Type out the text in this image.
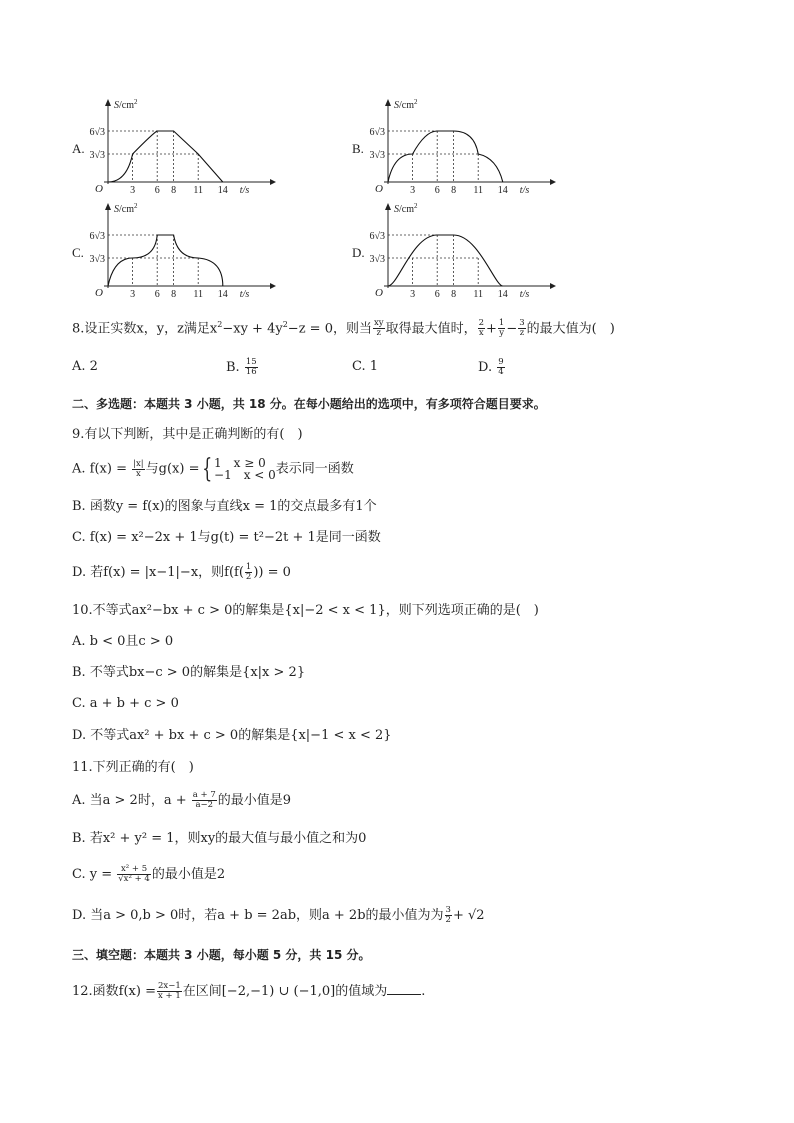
A.
$S/cm^2$
6√3
3√3
O	3 6 8 11 14 t/s
B.
$S/cm^2$
6√3
3√3
O	3 6 8 11 14 t/s
C.
$S/cm^2$
6√3
3√3
O	3 6 8 11 14 t/s
D.
$S/cm^2$
6√3
3√3
O	3 6 8 11 14 t/s
8.设正实数x，y，z满足$x^2-xy + 4y^2-z = 0$，则当 $\frac{xy}{z}$ 取得最大值时， $\frac{2}{x} + \frac{1}{y} - \frac{3}{z}$ 的最大值为(　)
A. 2	B. $\frac{15}{16}$	C. 1	D. $\frac{9}{4}$
二、多选题：本题共 3 小题，共 18 分。在每小题给出的选项中，有多项符合题目要求。
9.有以下判断，其中是正确判断的有(　)
A. $f(x) = \frac{|x|}{x}$ 与g(x) = { 1　x ≥ 0
−1　x < 0 表示同一函数
B. 函数y = f(x)的图象与直线x = 1的交点最多有1个
C. f(x) = x²−2x + 1与g(t) = t²−2t + 1是同一函数
D. 若f(x) = |x−1|−x，则$f(f( \frac{1}{2}$ )) = 0
10.不等式ax²−bx + c > 0的解集是{x|−2 < x < 1}，则下列选项正确的是(　)
A. b < 0且c > 0
B. 不等式bx−c > 0的解集是{x|x > 2}
C. a + b + c > 0
D. 不等式ax² + bx + c > 0的解集是{x|−1 < x < 2}
11.下列正确的有(　)
A. 当a > 2时，$a + \frac{a + 7}{a-2}$ 的最小值是9
B. 若x² + y² = 1，则xy的最大值与最小值之和为0
C. $y = \frac{\text{x² + 5}}{\text{√x² + 4}}$ 的最小值是2
D. 当a > 0,b > 0时，若a + b = 2ab，则a + 2b的最小值为为 $\frac{3}{2} + √2$
三、填空题：本题共 3 小题，每小题 5 分，共 15 分。
12.函数$f(x) = \frac{2x-1}{x + 1}$ 在区间[−2,−1) ∪ (−1,0]的值域为	.
